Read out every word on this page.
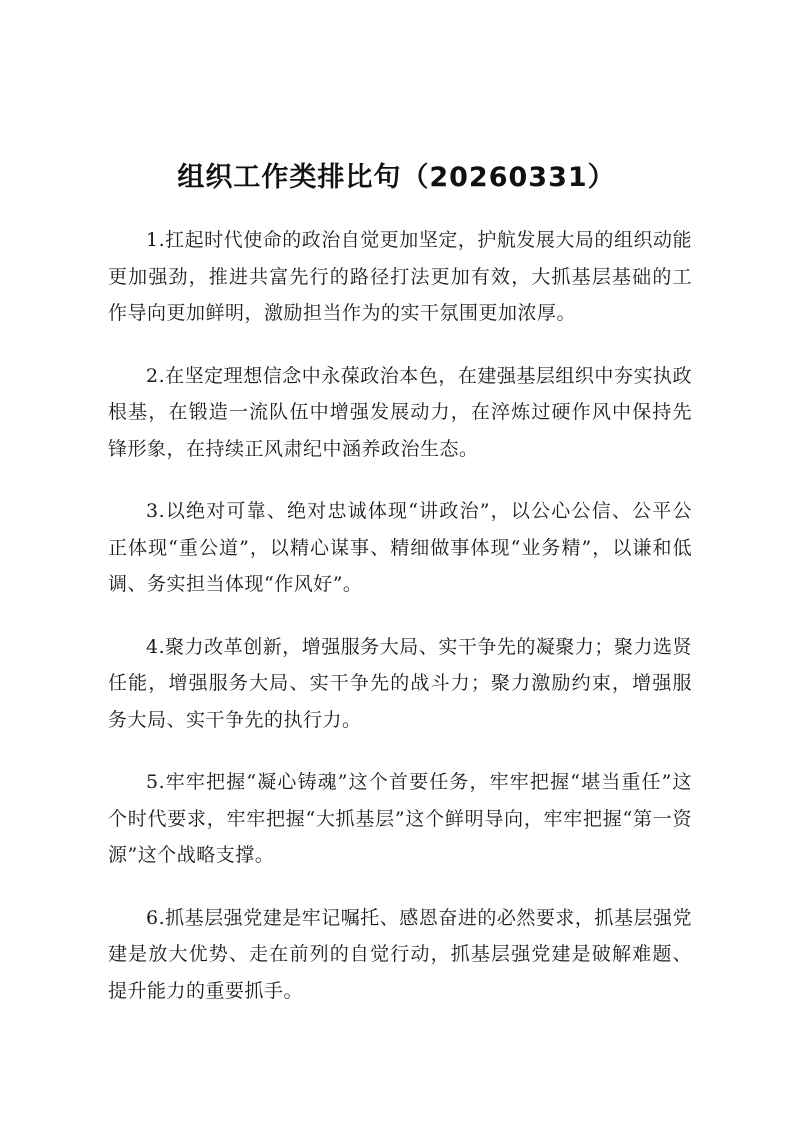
组织工作类排比句（20260331）

1.扛起时代使命的政治自觉更加坚定，护航发展大局的组织动能更加强劲，推进共富先行的路径打法更加有效，大抓基层基础的工作导向更加鲜明，激励担当作为的实干氛围更加浓厚。

2.在坚定理想信念中永葆政治本色，在建强基层组织中夯实执政根基，在锻造一流队伍中增强发展动力，在淬炼过硬作风中保持先锋形象，在持续正风肃纪中涵养政治生态。

3.以绝对可靠、绝对忠诚体现“讲政治”，以公心公信、公平公正体现“重公道”，以精心谋事、精细做事体现“业务精”，以谦和低调、务实担当体现“作风好”。

4.聚力改革创新，增强服务大局、实干争先的凝聚力；聚力选贤任能，增强服务大局、实干争先的战斗力；聚力激励约束，增强服务大局、实干争先的执行力。

5.牢牢把握“凝心铸魂”这个首要任务，牢牢把握“堪当重任”这个时代要求，牢牢把握“大抓基层”这个鲜明导向，牢牢把握“第一资源”这个战略支撑。

6.抓基层强党建是牢记嘱托、感恩奋进的必然要求，抓基层强党建是放大优势、走在前列的自觉行动，抓基层强党建是破解难题、提升能力的重要抓手。
